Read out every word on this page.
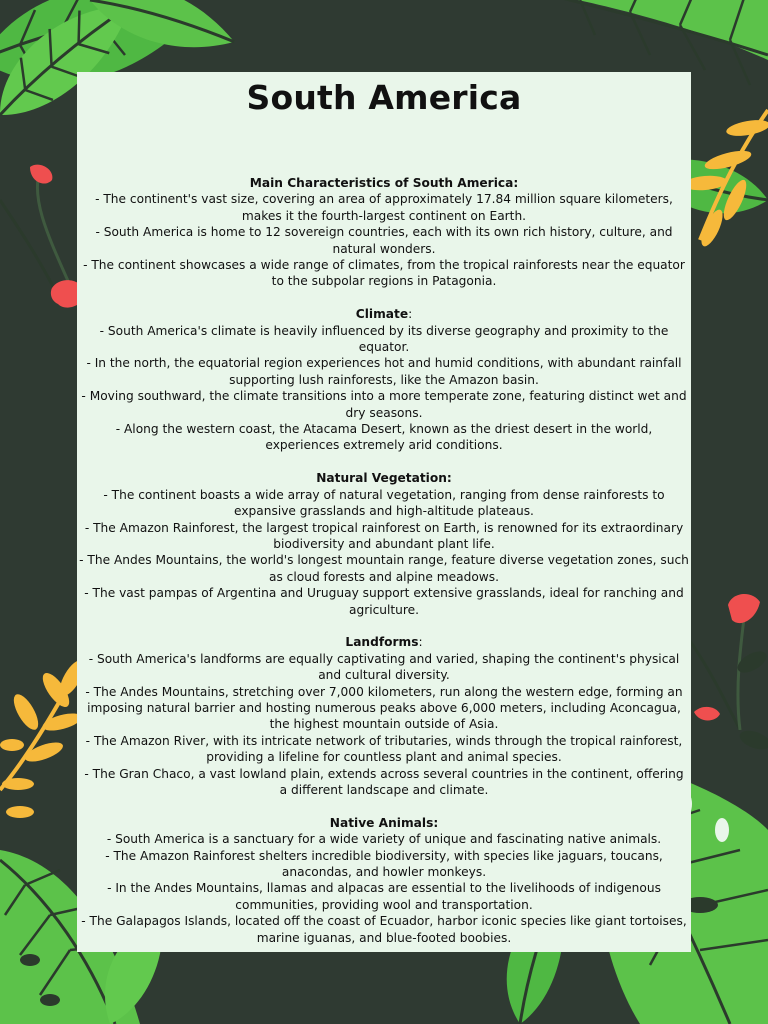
South America
Main Characteristics of South America:
- The continent's vast size, covering an area of approximately 17.84 million square kilometers, makes it the fourth-largest continent on Earth.
- South America is home to 12 sovereign countries, each with its own rich history, culture, and natural wonders.
- The continent showcases a wide range of climates, from the tropical rainforests near the equator to the subpolar regions in Patagonia.
Climate:
- South America's climate is heavily influenced by its diverse geography and proximity to the equator.
- In the north, the equatorial region experiences hot and humid conditions, with abundant rainfall supporting lush rainforests, like the Amazon basin.
- Moving southward, the climate transitions into a more temperate zone, featuring distinct wet and dry seasons.
- Along the western coast, the Atacama Desert, known as the driest desert in the world, experiences extremely arid conditions.
Natural Vegetation:
- The continent boasts a wide array of natural vegetation, ranging from dense rainforests to expansive grasslands and high-altitude plateaus.
- The Amazon Rainforest, the largest tropical rainforest on Earth, is renowned for its extraordinary biodiversity and abundant plant life.
- The Andes Mountains, the world's longest mountain range, feature diverse vegetation zones, such as cloud forests and alpine meadows.
- The vast pampas of Argentina and Uruguay support extensive grasslands, ideal for ranching and agriculture.
Landforms:
- South America's landforms are equally captivating and varied, shaping the continent's physical and cultural diversity.
- The Andes Mountains, stretching over 7,000 kilometers, run along the western edge, forming an imposing natural barrier and hosting numerous peaks above 6,000 meters, including Aconcagua, the highest mountain outside of Asia.
- The Amazon River, with its intricate network of tributaries, winds through the tropical rainforest, providing a lifeline for countless plant and animal species.
- The Gran Chaco, a vast lowland plain, extends across several countries in the continent, offering a different landscape and climate.
Native Animals:
- South America is a sanctuary for a wide variety of unique and fascinating native animals.
- The Amazon Rainforest shelters incredible biodiversity, with species like jaguars, toucans, anacondas, and howler monkeys.
- In the Andes Mountains, llamas and alpacas are essential to the livelihoods of indigenous communities, providing wool and transportation.
- The Galapagos Islands, located off the coast of Ecuador, harbor iconic species like giant tortoises, marine iguanas, and blue-footed boobies.
